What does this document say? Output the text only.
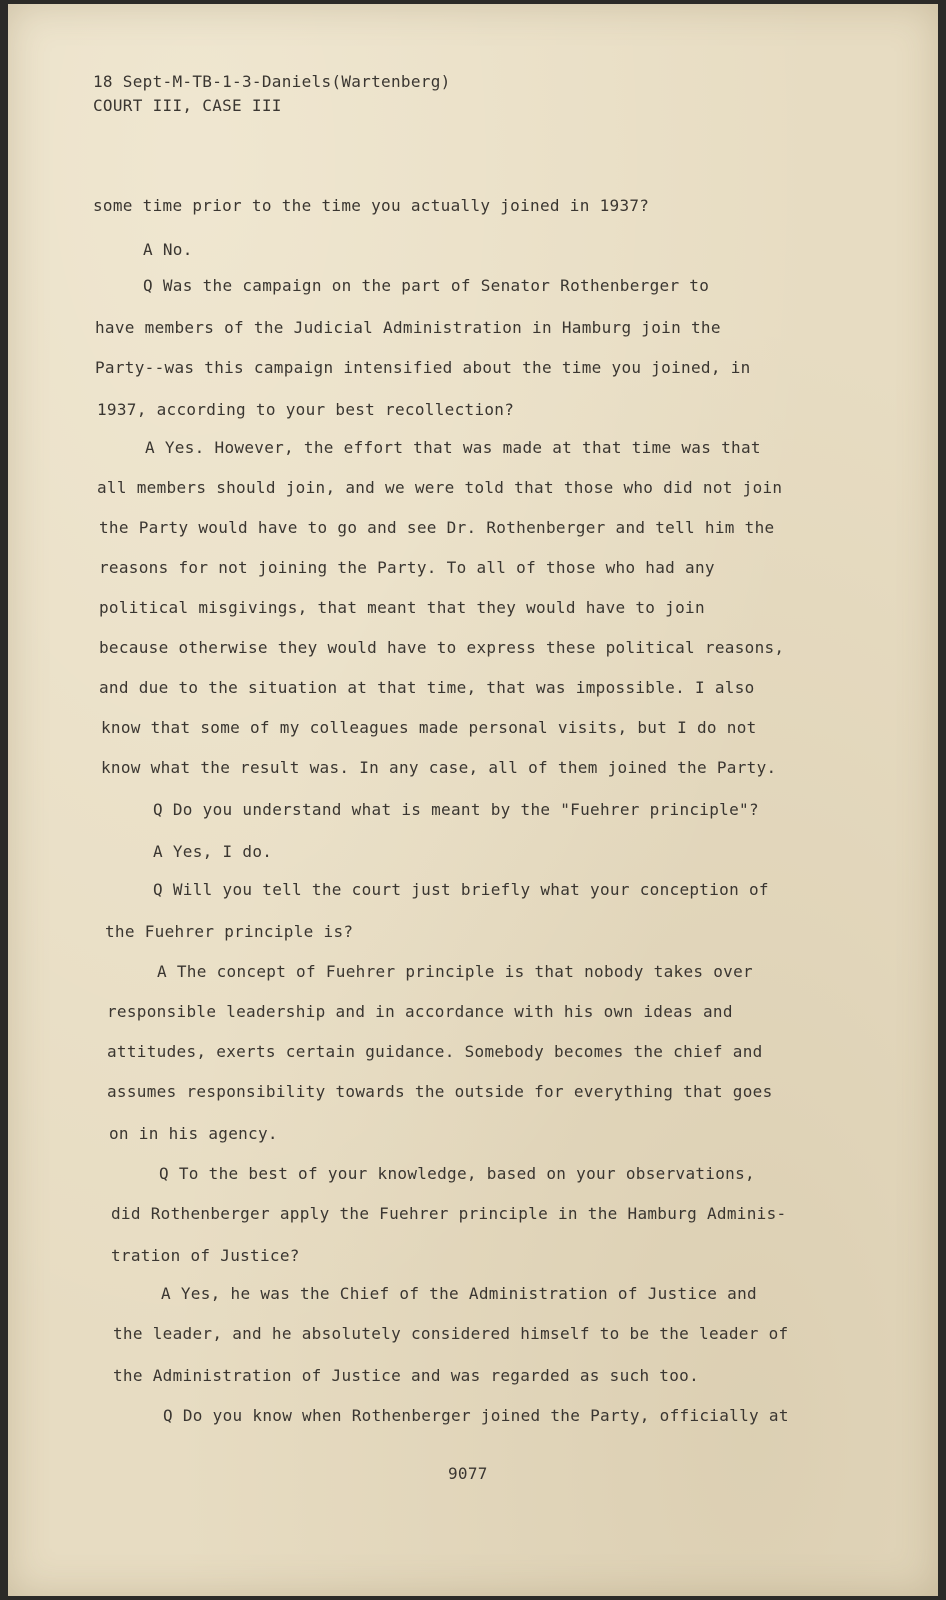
18 Sept-M-TB-1-3-Daniels(Wartenberg)
COURT III, CASE III
some time prior to the time you actually joined in 1937?
A No.
Q Was the campaign on the part of Senator Rothenberger to
have members of the Judicial Administration in Hamburg join the
Party--was this campaign intensified about the time you joined, in
1937, according to your best recollection?
A Yes. However, the effort that was made at that time was that
all members should join, and we were told that those who did not join
the Party would have to go and see Dr. Rothenberger and tell him the
reasons for not joining the Party. To all of those who had any
political misgivings, that meant that they would have to join
because otherwise they would have to express these political reasons,
and due to the situation at that time, that was impossible. I also
know that some of my colleagues made personal visits, but I do not
know what the result was. In any case, all of them joined the Party.
Q Do you understand what is meant by the "Fuehrer principle"?
A Yes, I do.
Q Will you tell the court just briefly what your conception of
the Fuehrer principle is?
A The concept of Fuehrer principle is that nobody takes over
responsible leadership and in accordance with his own ideas and
attitudes, exerts certain guidance. Somebody becomes the chief and
assumes responsibility towards the outside for everything that goes
on in his agency.
Q To the best of your knowledge, based on your observations,
did Rothenberger apply the Fuehrer principle in the Hamburg Adminis-
tration of Justice?
A Yes, he was the Chief of the Administration of Justice and
the leader, and he absolutely considered himself to be the leader of
the Administration of Justice and was regarded as such too.
Q Do you know when Rothenberger joined the Party, officially at
9077
